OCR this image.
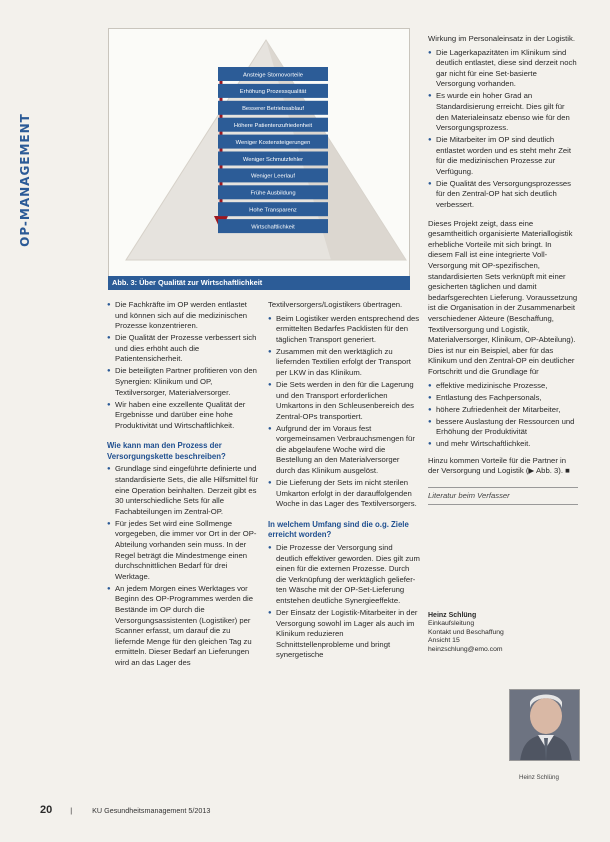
OP-MANAGEMENT
Ansteige Stornovorteile
Erhöhung Prozessqualität
Besserer Betriebsablauf
Höhere Patientenzufriedenheit
Weniger Kostensteigerungen
Weniger Schmutzfehler
Weniger Leerlauf
Frühe Ausbildung
Hohe Transparenz
Wirtschaftlichkeit
Abb. 3: Über Qualität zur Wirtschaftlichkeit
● Die Fachkräfte im OP werden entlastet und können sich auf die medizinischen Prozesse konzentrieren.
● Die Qualität der Prozesse verbessert sich und dies erhöht auch die Patientensicherheit.
● Die beteiligten Partner profitieren von den Synergien: Klinikum und OP, Textilversorger, Materialversorger.
● Wir haben eine exzellente Qualität der Ergebnisse und darüber eine hohe Produktivität und Wirtschaftlichkeit.
Wie kann man den Prozess der Versorgungskette beschreiben?
● Grundlage sind eingeführte definierte und standardisierte Sets, die alle Hilfsmittel für eine Operation beinhalten. Derzeit gibt es 30 unterschiedliche Sets für alle Fachabteilungen im Zentral-OP.
● Für jedes Set wird eine Sollmenge vorgegeben, die immer vor Ort in der OP-Abteilung vorhanden sein muss. In der Regel beträgt die Mindestmenge einen durchschnittlichen Bedarf für drei Werktage.
● An jedem Morgen eines Werktages vor Beginn des OP-Programmes werden die Bestände im OP durch die Versorgungsassistenten (Logistiker) per Scanner erfasst, um darauf die zu liefernde Menge für den gleichen Tag zu ermitteln. Dieser Bedarf an Lieferungen wird an das Lager des

Textilversorgers/Logistikers übertragen.

● Beim Logistiker werden entsprechend des ermittelten Bedarfes Packlisten für den täglichen Transport generiert.
● Zusammen mit den werktäglich zu liefernden Textilien erfolgt der Transport per LKW in das Klinikum.
● Die Sets werden in den für die Lagerung und den Transport erforderlichen Umkartons in den Schleusenbereich des Zentral-OPs transportiert.
● Aufgrund der im Voraus fest vorgemeinsamen Verbrauchsmengen für die abgelaufene Woche wird die Bestellung an den Materialversorger durch das Klinikum ausgelöst.
● Die Lieferung der Sets im nicht sterilen Umkarton erfolgt in der darauffolgenden Woche in das Lager des Textilversorgers.
In welchem Umfang sind die o.g. Ziele erreicht worden?
● Die Prozesse der Versorgung sind deutlich effektiver geworden. Dies gilt zum einen für die externen Prozesse. Durch die Verknüpfung der werktäglich gelieferten Wäsche mit der OP-Set-Lieferung entstehen deutliche Synergieeffekte.
● Der Einsatz der Logistik-Mitarbeiter in der Versorgung sowohl im Lager als auch im Klinikum reduzieren Schnittstellenprobleme und bringt synergetische

Wirkung im Personaleinsatz in der Logistik.

● Die Lagerkapazitäten im Klinikum sind deutlich entlastet, diese sind derzeit noch gar nicht für eine Set-basierte Versorgung vorhanden.
● Es wurde ein hoher Grad an Standardisierung erreicht. Dies gilt für den Materialeinsatz ebenso wie für den Versorgungsprozess.
● Die Mitarbeiter im OP sind deutlich entlastet worden und es steht mehr Zeit für die medizinischen Prozesse zur Verfügung.
● Die Qualität des Versorgungsprozesses für den Zentral-OP hat sich deutlich verbessert.

Dieses Projekt zeigt, dass eine gesamtheitlich organisierte Materiallogistik erhebliche Vorteile mit sich bringt. In diesem Fall ist eine integrierte Voll-Versorgung mit OP-spezifischen, standardisierten Sets verknüpft mit einer gesicherten täglichen und damit bedarfsgerechten Lieferung. Voraussetzung ist die Organisation in der Zusammenarbeit verschiedener Akteure (Beschaffung, Textilversorgung und Logistik, Materialversorger, Klinikum, OP-Abteilung). Dies ist nur ein Beispiel, aber für das Klinikum und den Zentral-OP ein deutlicher Fortschritt und die Grundlage für

● effektive medizinische Prozesse,
● Entlastung des Fachpersonals,
● höhere Zufriedenheit der Mitarbeiter,
● bessere Auslastung der Ressourcen und Erhöhung der Produktivität
● und mehr Wirtschaftlichkeit.

Hinzu kommen Vorteile für die Partner in der Versorgung und Logistik (▶ Abb. 3). ■

Literatur beim Verfasser
Heinz Schlüng
Einkaufsleitung
Kontakt und Beschaffung
Ansicht 15
heinzschlung@emo.com
Heinz Schlüng
20	|	KU Gesundheitsmanagement 5/2013
